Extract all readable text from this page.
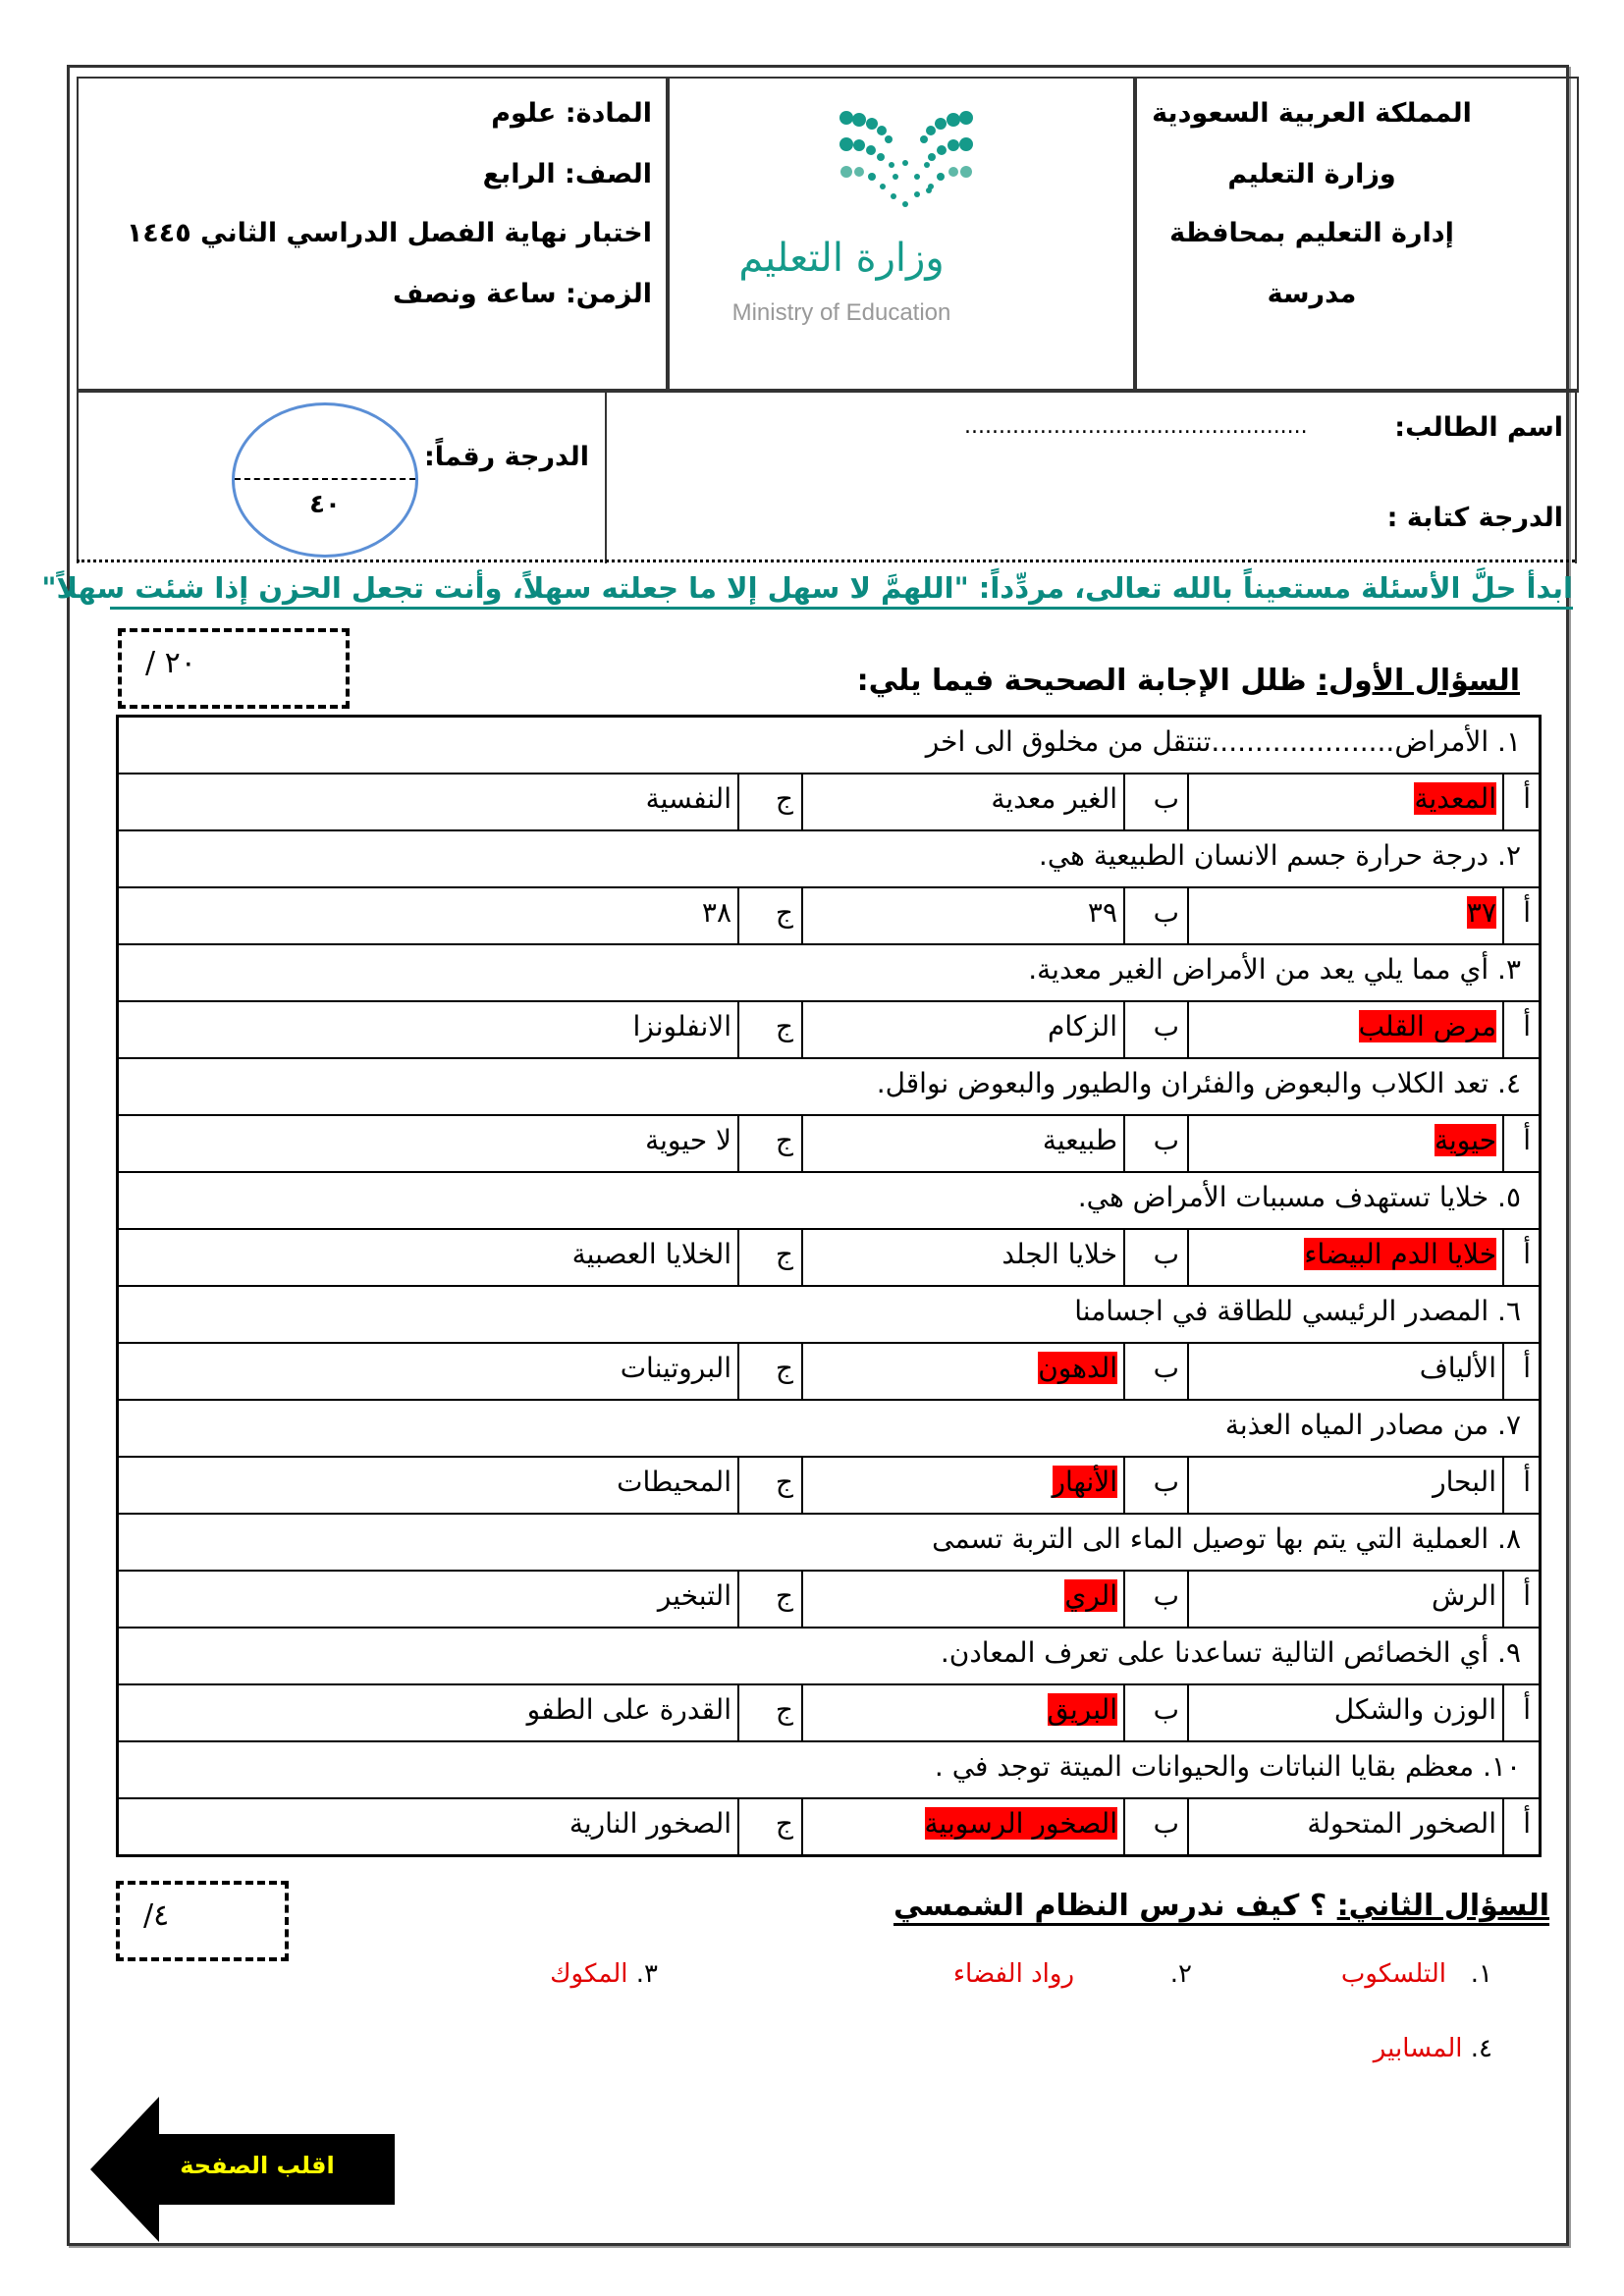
المملكة العربية السعودية
وزارة التعليم
إدارة التعليم بمحافظة
مدرسة
المادة: علوم
الصف: الرابع
اختبار نهاية الفصل الدراسي الثاني ١٤٤٥
الزمن: ساعة ونصف
وزارة التعليم
Ministry of Education
اسم الطالب:
..................................................
الدرجة كتابة :
الدرجة رقماً:
٤٠
ابدأ حلَّ الأسئلة مستعيناً بالله تعالى، مردِّداً: "اللهمَّ لا سهل إلا ما جعلته سهلاً، وأنت تجعل الحزن إذا شئت سهلاً"
٢٠ /
السؤال الأول: ظلل الإجابة الصحيحة فيما يلي:
١. الأمراض.....................تنتقل من مخلوق الى اخر
أ
المعدية
ب
الغير معدية
ج
النفسية
٢. درجة حرارة جسم الانسان الطبيعية هي.
أ
٣٧
ب
٣٩
ج
٣٨
٣. أي مما يلي يعد من الأمراض الغير معدية.
أ
مرض القلب
ب
الزكام
ج
الانفلونزا
٤. تعد الكلاب والبعوض والفئران والطيور والبعوض نواقل.
أ
حيوية
ب
طبيعية
ج
لا حيوية
٥. خلايا تستهدف مسببات الأمراض هي.
أ
خلايا الدم البيضاء
ب
خلايا الجلد
ج
الخلايا العصبية
٦. المصدر الرئيسي للطاقة في اجسامنا
أ
الألياف
ب
الدهون
ج
البروتينات
٧. من مصادر المياه العذبة
أ
البحار
ب
الأنهار
ج
المحيطات
٨. العملية التي يتم بها توصيل الماء الى التربة تسمى
أ
الرش
ب
الري
ج
التبخير
٩. أي الخصائص التالية تساعدنا على تعرف المعادن.
أ
الوزن والشكل
ب
البريق
ج
القدرة على الطفو
١٠. معظم بقايا النباتات والحيوانات الميتة توجد في .
أ
الصخور المتحولة
ب
الصخور الرسوبية
ج
الصخور النارية
٤/	السؤال الثاني: ؟ كيف ندرس النظام الشمسي
١.   التلسكوب
٢.
رواد الفضاء
٣. المكوك
٤. المسابير
اقلب الصفحة
